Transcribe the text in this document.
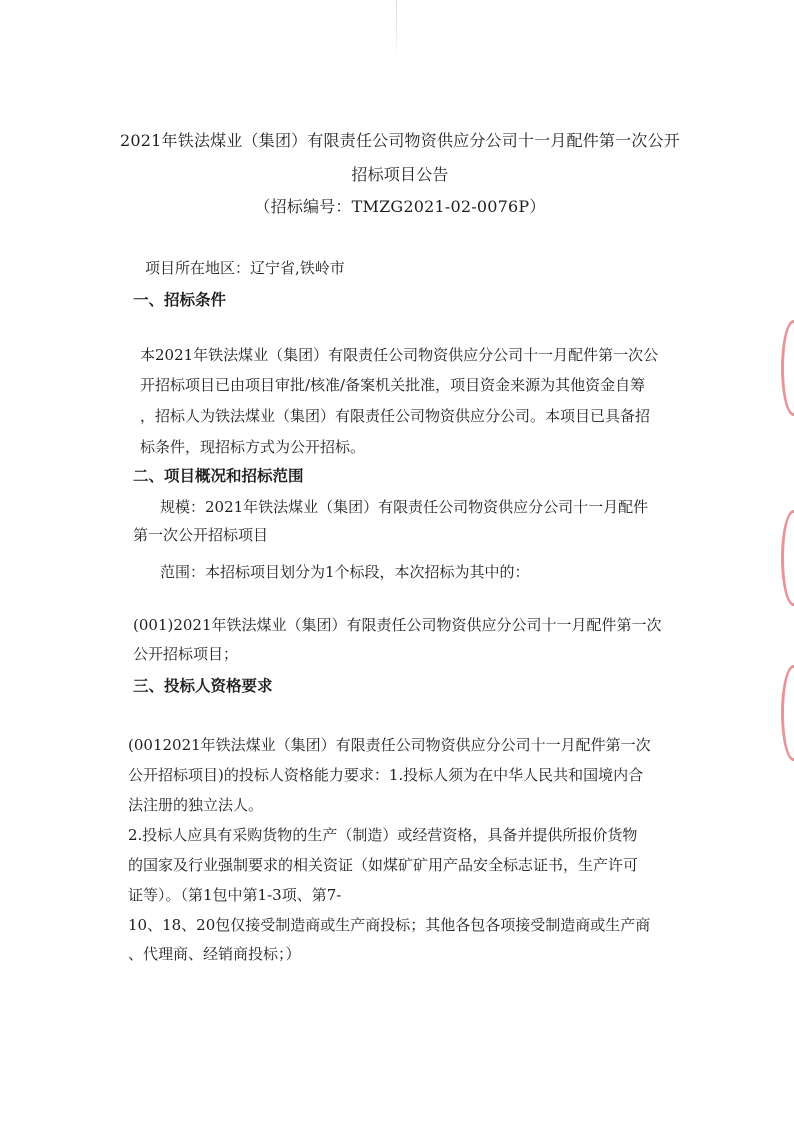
2021年铁法煤业（集团）有限责任公司物资供应分公司十一月配件第一次公开
招标项目公告
（招标编号：TMZG2021-02-0076P）
项目所在地区：辽宁省,铁岭市
一、招标条件
本2021年铁法煤业（集团）有限责任公司物资供应分公司十一月配件第一次公
开招标项目已由项目审批/核准/备案机关批准，项目资金来源为其他资金自筹
，招标人为铁法煤业（集团）有限责任公司物资供应分公司。本项目已具备招
标条件，现招标方式为公开招标。
二、项目概况和招标范围
规模：2021年铁法煤业（集团）有限责任公司物资供应分公司十一月配件
第一次公开招标项目
范围：本招标项目划分为1个标段，本次招标为其中的：
(001)2021年铁法煤业（集团）有限责任公司物资供应分公司十一月配件第一次
公开招标项目；
三、投标人资格要求
(0012021年铁法煤业（集团）有限责任公司物资供应分公司十一月配件第一次
公开招标项目)的投标人资格能力要求：1.投标人须为在中华人民共和国境内合
法注册的独立法人。
2.投标人应具有采购货物的生产（制造）或经营资格，具备并提供所报价货物
的国家及行业强制要求的相关资证（如煤矿矿用产品安全标志证书，生产许可
证等）。（第1包中第1-3项、第7-
10、18、20包仅接受制造商或生产商投标；其他各包各项接受制造商或生产商
、代理商、经销商投标；）
